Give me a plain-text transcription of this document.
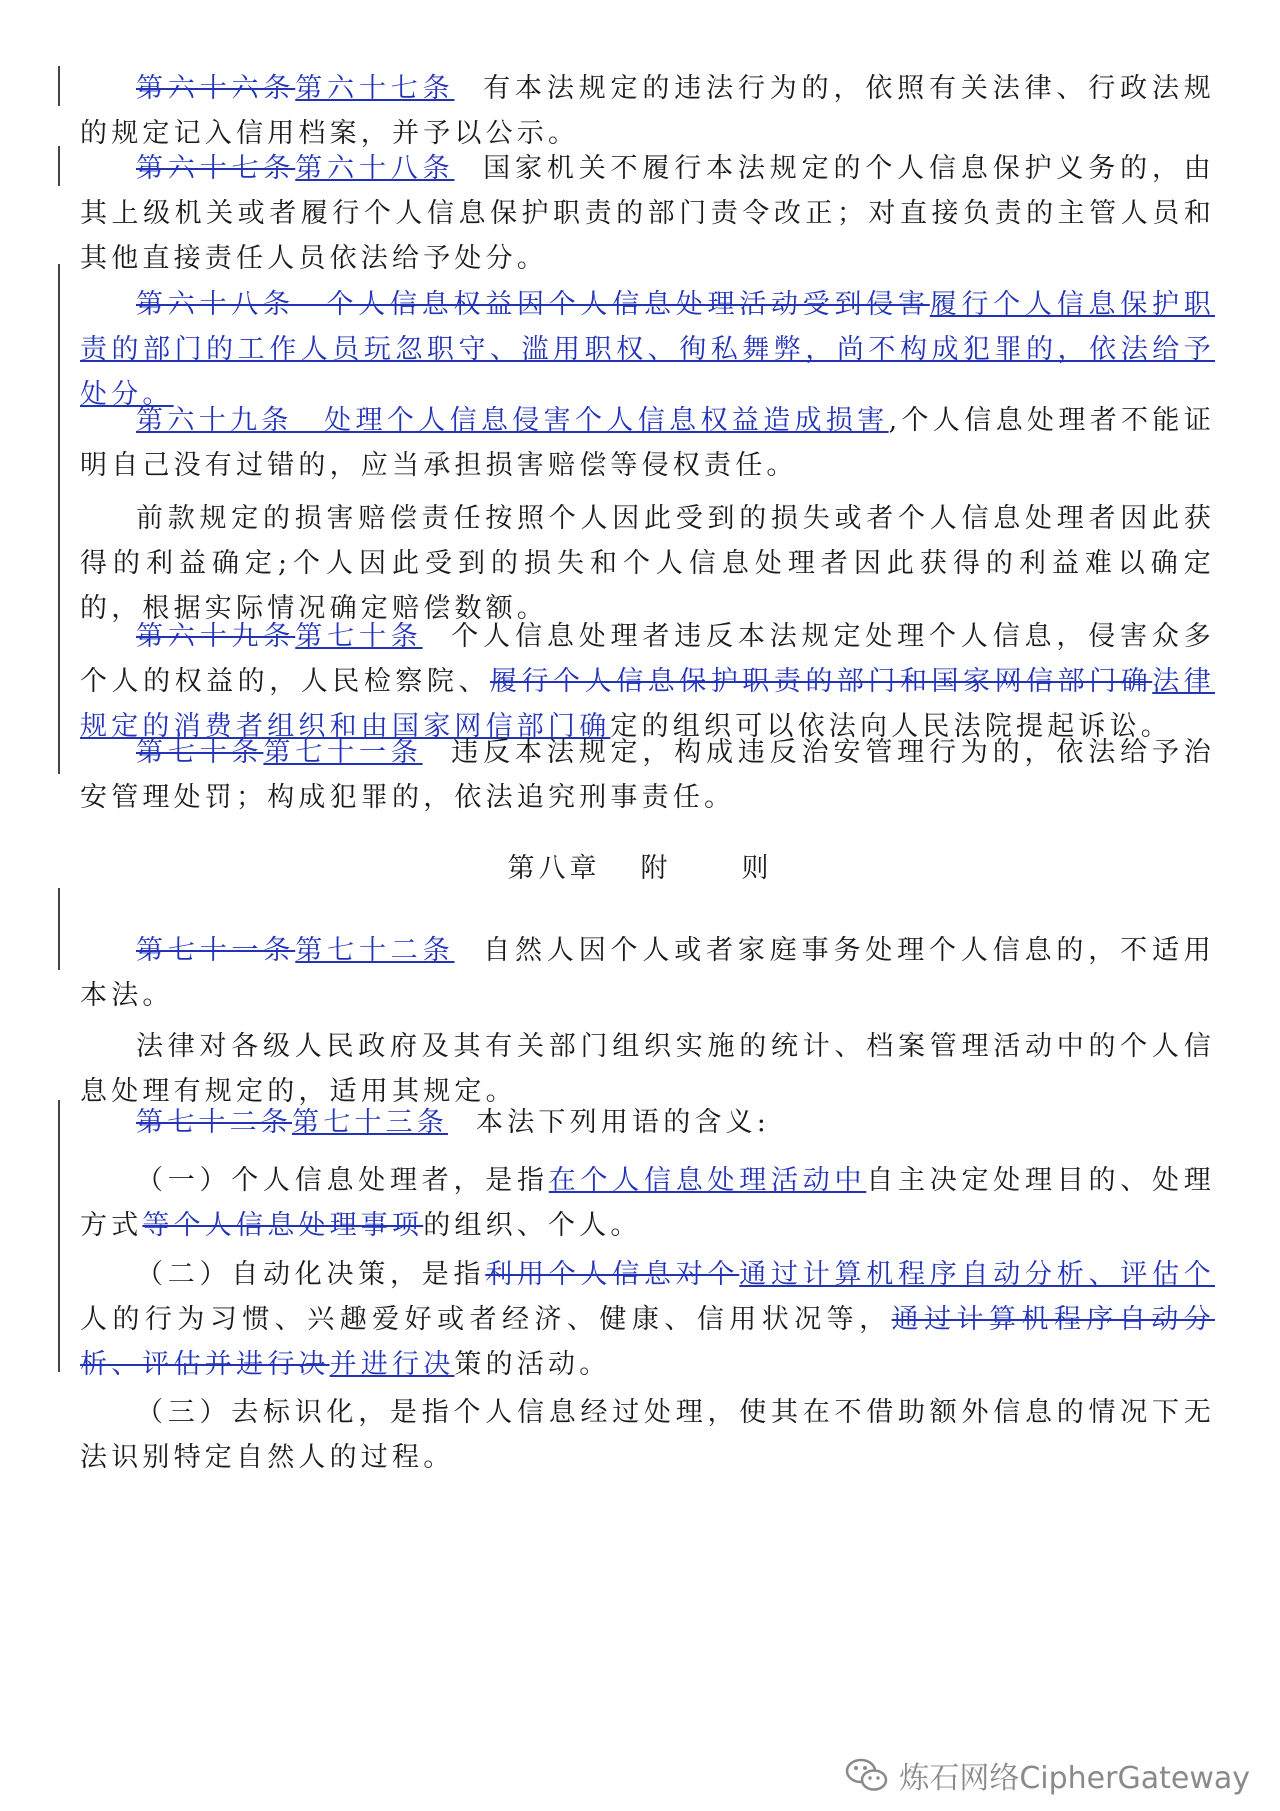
第六十六条第六十七条 有本法规定的违法行为的，依照有关法律、行政法规的规定记入信用档案，并予以公示。

第六十七条第六十八条 国家机关不履行本法规定的个人信息保护义务的，由其上级机关或者履行个人信息保护职责的部门责令改正；对直接负责的主管人员和其他直接责任人员依法给予处分。

第六十八条　个人信息权益因个人信息处理活动受到侵害履行个人信息保护职责的部门的工作人员玩忽职守、滥用职权、徇私舞弊，尚不构成犯罪的，依法给予处分。

第六十九条　处理个人信息侵害个人信息权益造成损害,个人信息处理者不能证明自己没有过错的，应当承担损害赔偿等侵权责任。

前款规定的损害赔偿责任按照个人因此受到的损失或者个人信息处理者因此获得的利益确定;个人因此受到的损失和个人信息处理者因此获得的利益难以确定的，根据实际情况确定赔偿数额。

第六十九条第七十条 个人信息处理者违反本法规定处理个人信息，侵害众多个人的权益的，人民检察院、履行个人信息保护职责的部门和国家网信部门确法律规定的消费者组织和由国家网信部门确定的组织可以依法向人民法院提起诉讼。

第七十条第七十一条 违反本法规定，构成违反治安管理行为的，依法给予治安管理处罚；构成犯罪的，依法追究刑事责任。

第八章 附	则

第七十一条第七十二条 自然人因个人或者家庭事务处理个人信息的，不适用本法。

法律对各级人民政府及其有关部门组织实施的统计、档案管理活动中的个人信息处理有规定的，适用其规定。

第七十二条第七十三条 本法下列用语的含义:

（一）个人信息处理者，是指在个人信息处理活动中自主决定处理目的、处理方式等个人信息处理事项的组织、个人。

（二）自动化决策，是指利用个人信息对个通过计算机程序自动分析、评估个人的行为习惯、兴趣爱好或者经济、健康、信用状况等，通过计算机程序自动分析、评估并进行决并进行决策的活动。

（三）去标识化，是指个人信息经过处理，使其在不借助额外信息的情况下无法识别特定自然人的过程。

炼石网络CipherGateway
